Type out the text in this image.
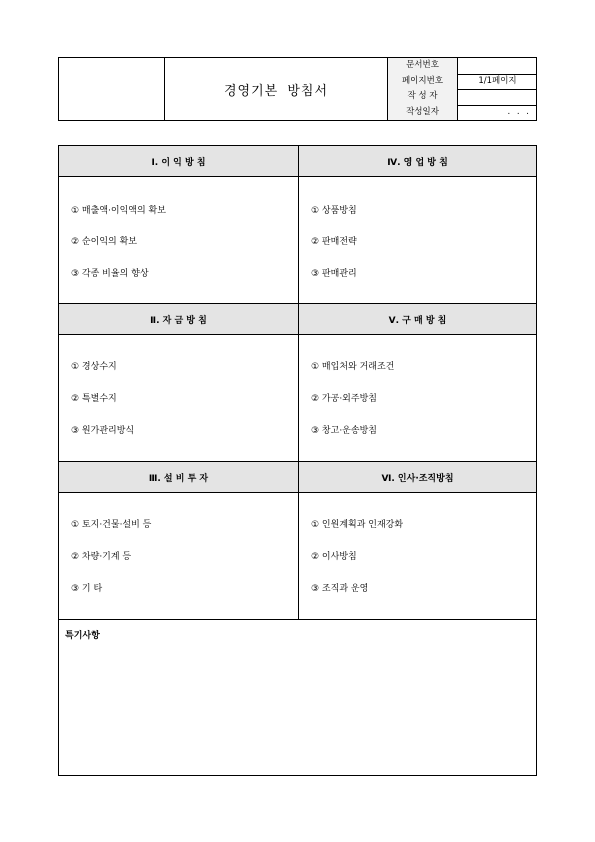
경영기본 방침서
문서번호
페이지번호	1/1페이지
작 성 자
작성일자	. . .
Ⅰ. 이 익 방 침	Ⅳ. 영 업 방 침
① 매출액·이익액의 확보
② 순이익의 확보
③ 각종 비율의 향상
① 상품방침
② 판매전략
③ 판매관리
Ⅱ. 자 금 방 침	Ⅴ. 구 매 방 침
① 경상수지
② 특별수지
③ 원가관리방식
① 매입처와 거래조건
② 가공·외주방침
③ 창고·운송방침
Ⅲ. 설 비 투 자	Ⅵ. 인사·조직방침
① 토지·건물·설비 등
② 차량·기계 등
③ 기 타
① 인원계획과 인재강화
② 이사방침
③ 조직과 운영
특기사항
